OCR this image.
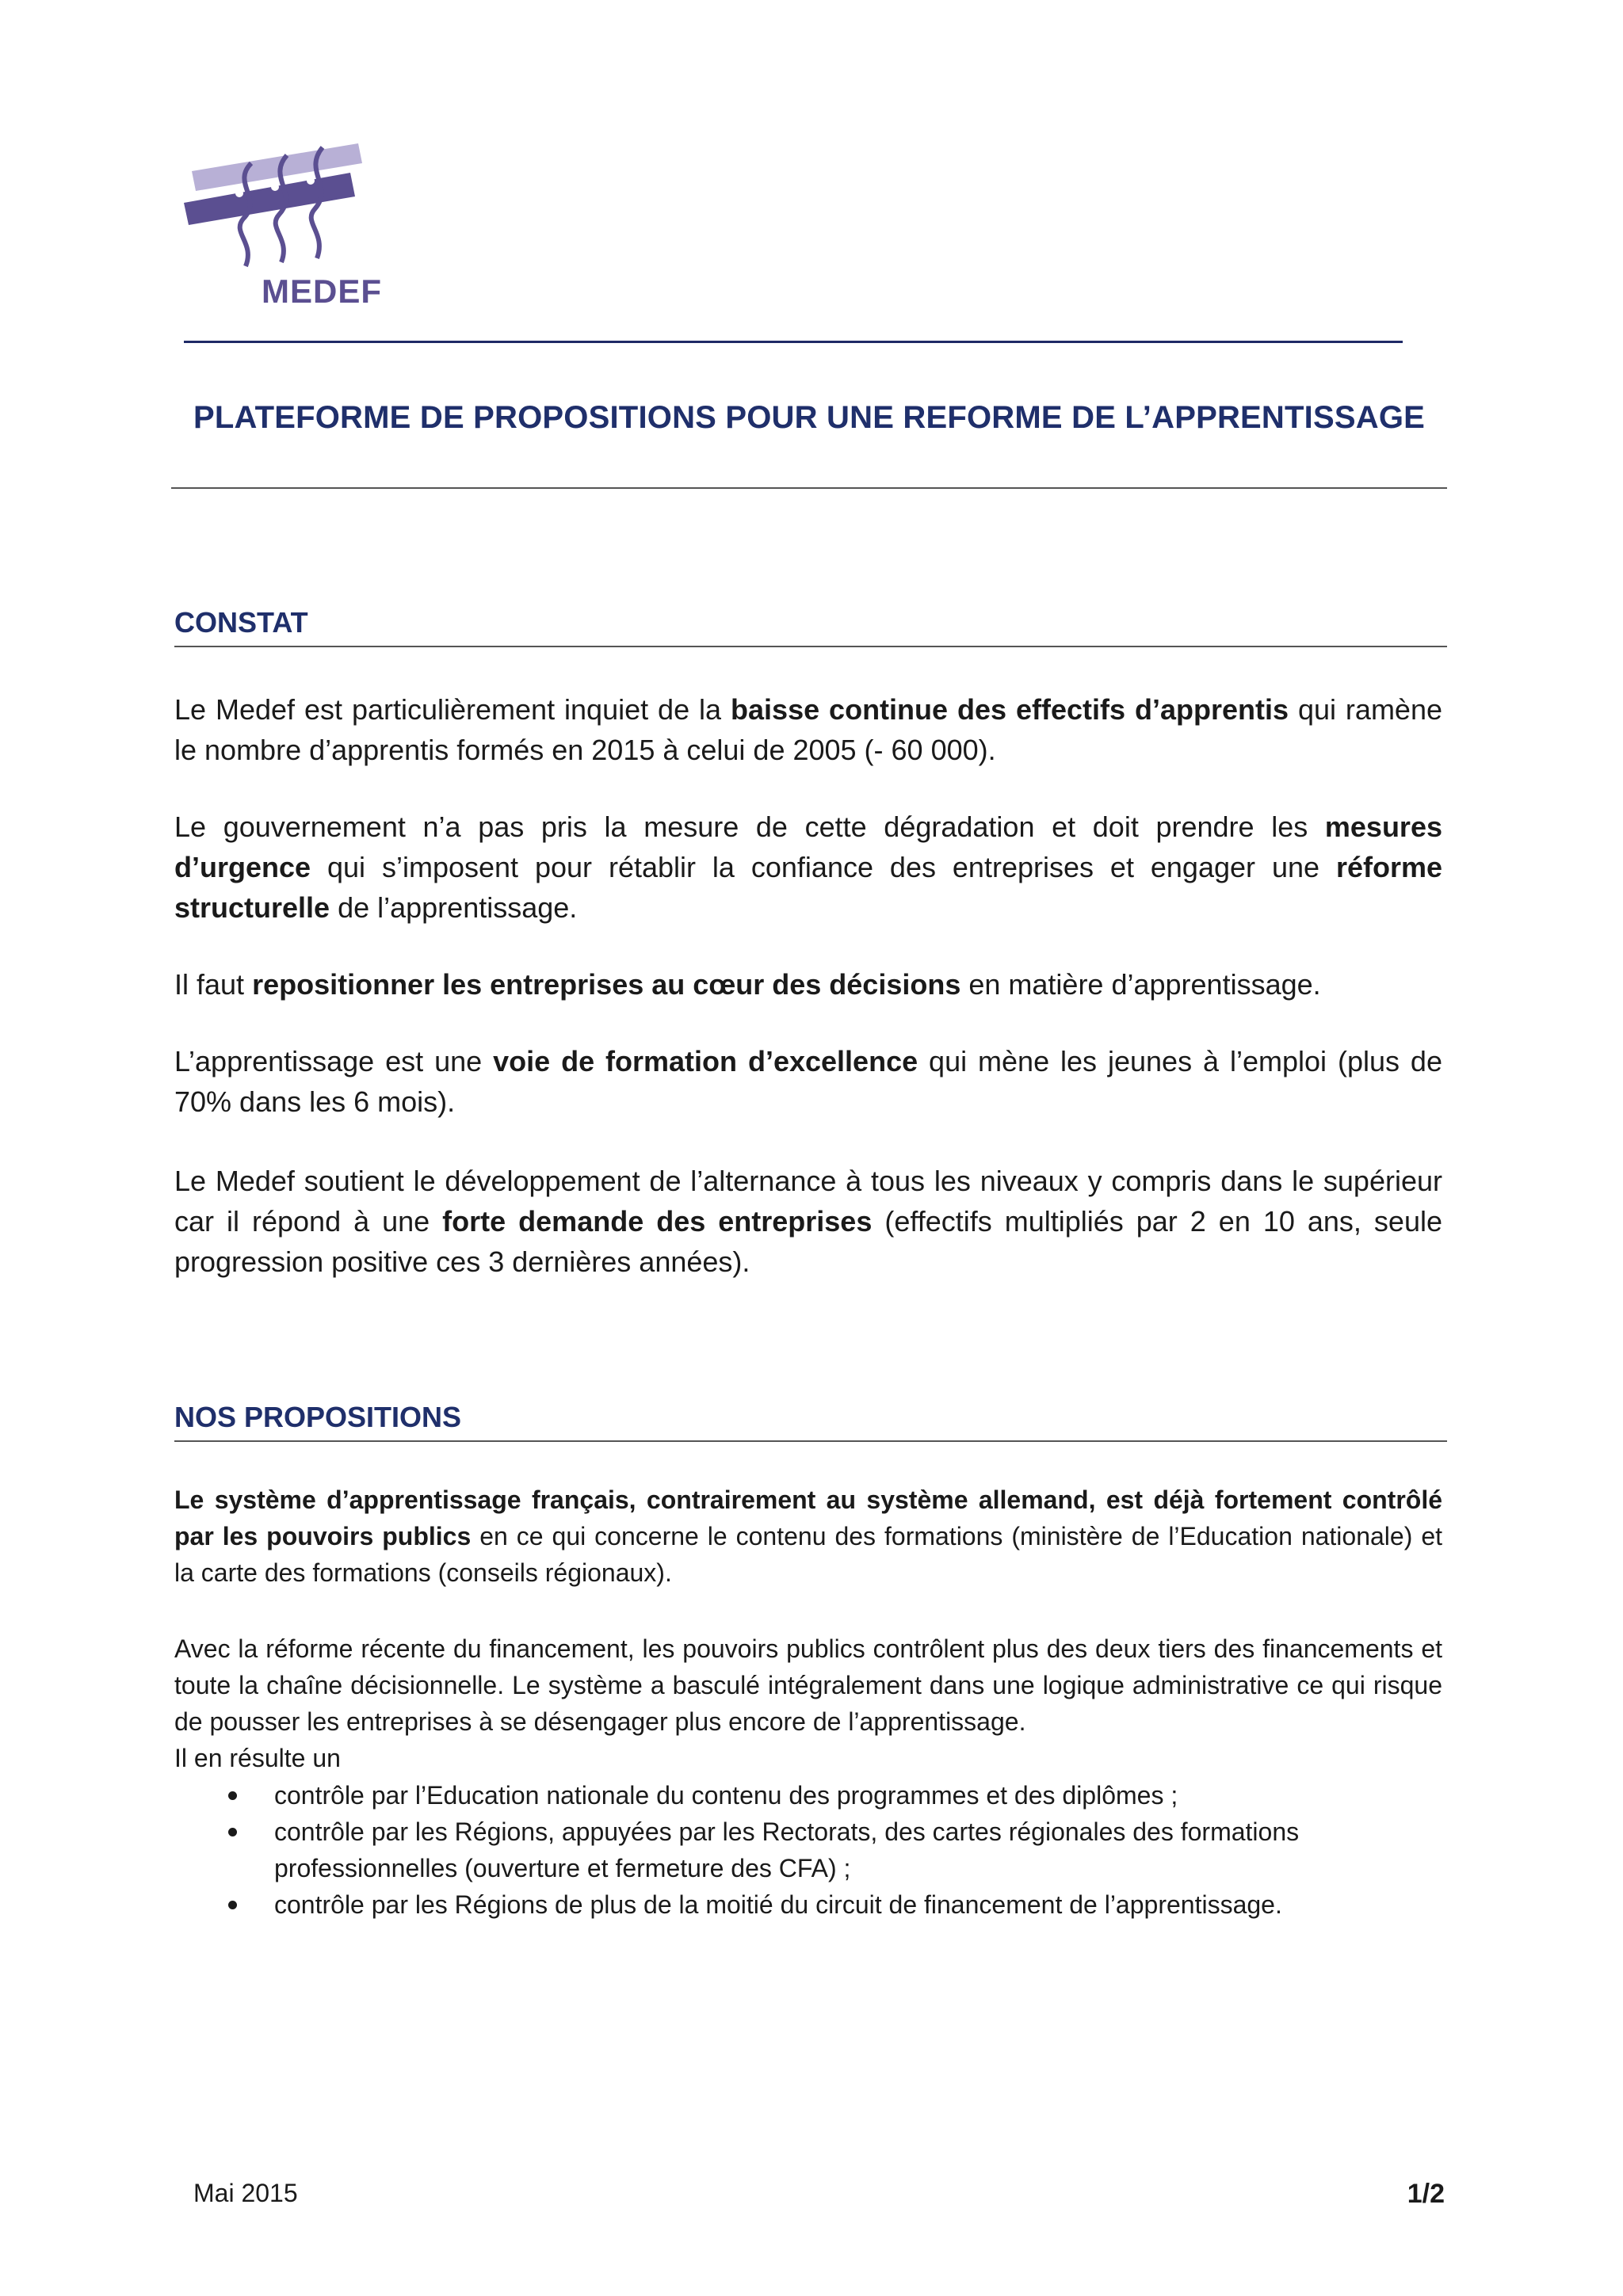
MEDEF
PLATEFORME DE PROPOSITIONS POUR UNE REFORME DE L’APPRENTISSAGE
CONSTAT

Le Medef est particulièrement inquiet de la baisse continue des effectifs d’apprentis qui ramène le nombre d’apprentis formés en 2015 à celui de 2005 (- 60 000).

Le gouvernement n’a pas pris la mesure de cette dégradation et doit prendre les mesures d’urgence qui s’imposent pour rétablir la confiance des entreprises et engager une réforme structurelle de l’apprentissage.

Il faut repositionner les entreprises au cœur des décisions en matière d’apprentissage.

L’apprentissage est une voie de formation d’excellence qui mène les jeunes à l’emploi (plus de 70% dans les 6 mois).

Le Medef soutient le développement de l’alternance à tous les niveaux y compris dans le supérieur car il répond à une forte demande des entreprises (effectifs multipliés par 2 en 10 ans, seule progression positive ces 3 dernières années).

NOS PROPOSITIONS

Le système d’apprentissage français, contrairement au système allemand, est déjà fortement contrôlé par les pouvoirs publics en ce qui concerne le contenu des formations (ministère de l’Education nationale) et la carte des formations (conseils régionaux).

Avec la réforme récente du financement, les pouvoirs publics contrôlent plus des deux tiers des financements et toute la chaîne décisionnelle. Le système a basculé intégralement dans une logique administrative ce qui risque de pousser les entreprises à se désengager plus encore de l’apprentissage.
Il en résulte un

contrôle par l’Education nationale du contenu des programmes et des diplômes ;
contrôle par les Régions, appuyées par les Rectorats, des cartes régionales des formations professionnelles (ouverture et fermeture des CFA) ;
contrôle par les Régions de plus de la moitié du circuit de financement de l’apprentissage.
Mai 2015	1/2
